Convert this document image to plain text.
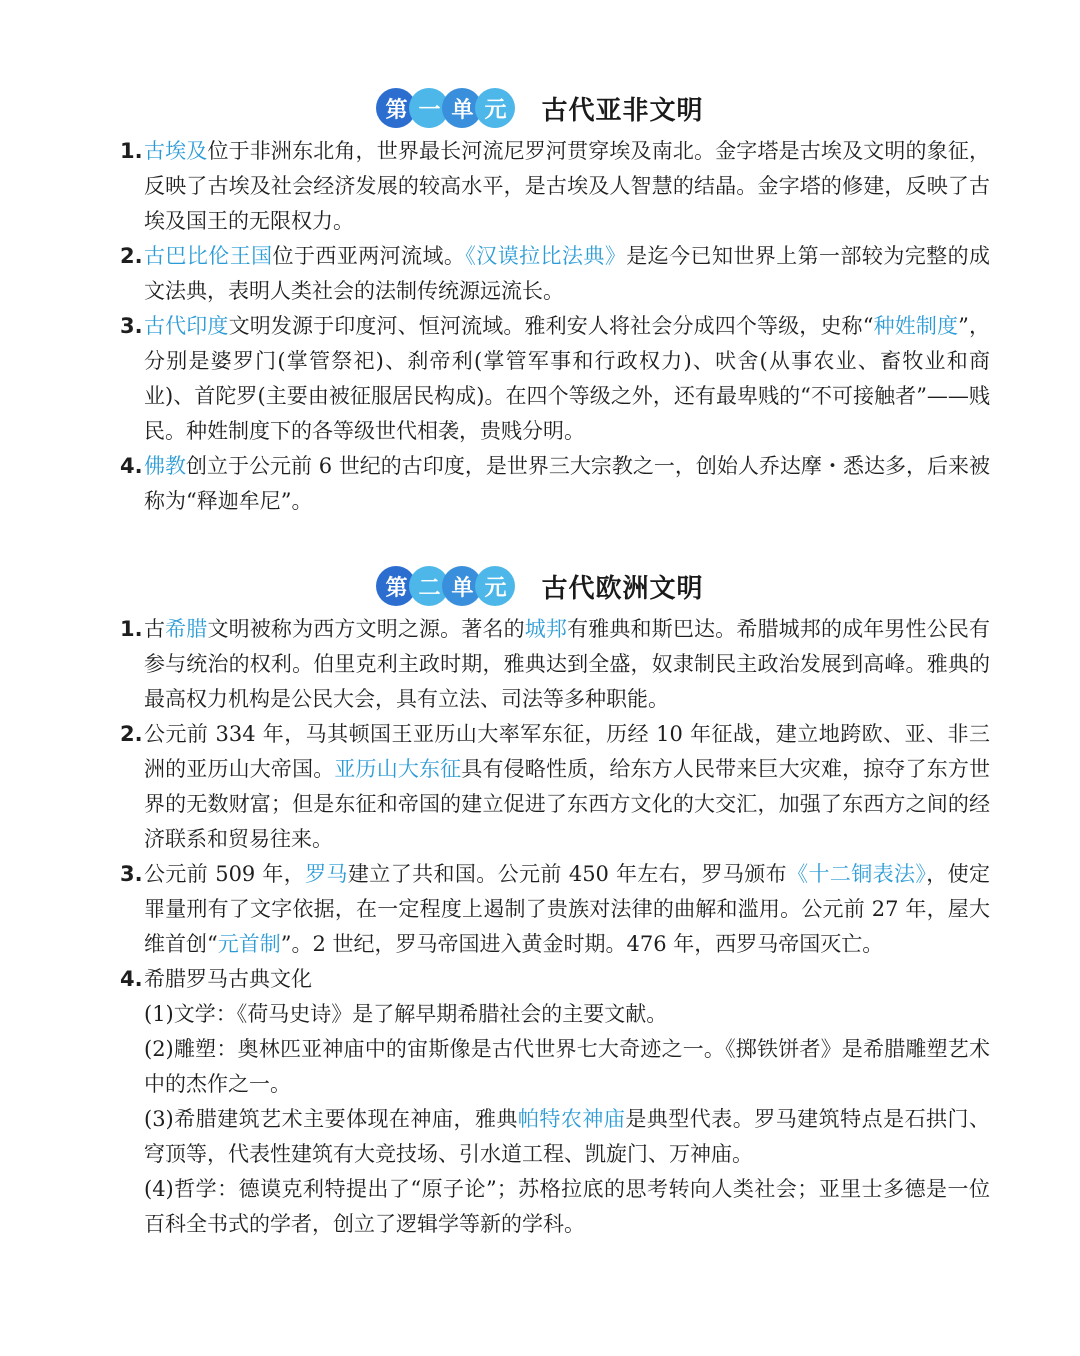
第 一 单 元	古代亚非文明
1. 古埃及位于非洲东北角，世界最长河流尼罗河贯穿埃及南北。金字塔是古埃及文明的象征，反映了古埃及社会经济发展的较高水平，是古埃及人智慧的结晶。金字塔的修建，反映了古埃及国王的无限权力。
2. 古巴比伦王国位于西亚两河流域。《汉谟拉比法典》是迄今已知世界上第一部较为完整的成文法典，表明人类社会的法制传统源远流长。
3. 古代印度文明发源于印度河、恒河流域。雅利安人将社会分成四个等级，史称“种姓制度”，分别是婆罗门(掌管祭祀)、刹帝利(掌管军事和行政权力)、吠舍(从事农业、畜牧业和商业)、首陀罗(主要由被征服居民构成)。在四个等级之外，还有最卑贱的“不可接触者”——贱民。种姓制度下的各等级世代相袭，贵贱分明。
4. 佛教创立于公元前 6 世纪的古印度，是世界三大宗教之一，创始人乔达摩・悉达多，后来被称为“释迦牟尼”。
第 二 单 元	古代欧洲文明
1. 古希腊文明被称为西方文明之源。著名的城邦有雅典和斯巴达。希腊城邦的成年男性公民有参与统治的权利。伯里克利主政时期，雅典达到全盛，奴隶制民主政治发展到高峰。雅典的最高权力机构是公民大会，具有立法、司法等多种职能。
2. 公元前 334 年，马其顿国王亚历山大率军东征，历经 10 年征战，建立地跨欧、亚、非三洲的亚历山大帝国。亚历山大东征具有侵略性质，给东方人民带来巨大灾难，掠夺了东方世界的无数财富；但是东征和帝国的建立促进了东西方文化的大交汇，加强了东西方之间的经济联系和贸易往来。
3. 公元前 509 年，罗马建立了共和国。公元前 450 年左右，罗马颁布《十二铜表法》，使定罪量刑有了文字依据，在一定程度上遏制了贵族对法律的曲解和滥用。公元前 27 年，屋大维首创“元首制”。2 世纪，罗马帝国进入黄金时期。476 年，西罗马帝国灭亡。
4. 希腊罗马古典文化
(1)文学：《荷马史诗》是了解早期希腊社会的主要文献。
(2)雕塑：奥林匹亚神庙中的宙斯像是古代世界七大奇迹之一。《掷铁饼者》是希腊雕塑艺术中的杰作之一。
(3)希腊建筑艺术主要体现在神庙，雅典帕特农神庙是典型代表。罗马建筑特点是石拱门、穹顶等，代表性建筑有大竞技场、引水道工程、凯旋门、万神庙。
(4)哲学：德谟克利特提出了“原子论”；苏格拉底的思考转向人类社会；亚里士多德是一位百科全书式的学者，创立了逻辑学等新的学科。
